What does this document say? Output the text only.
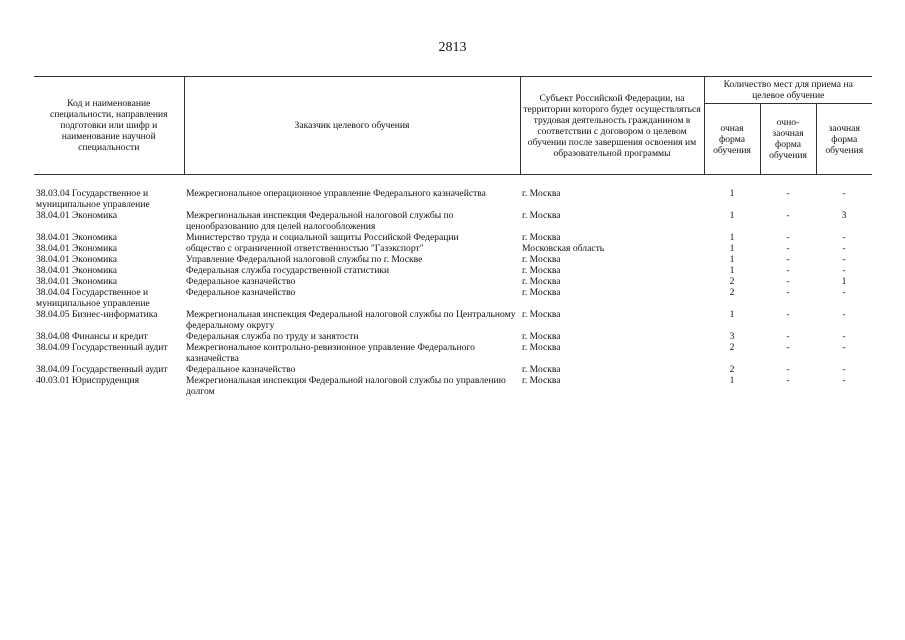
2813
Код и наименование специальности, направления подготовки или шифр и наименование научной специальности	Заказчик целевого обучения	Субъект Российской Федерации, на территории которого будет осуществляться трудовая деятельность гражданином в соответствии с договором о целевом обучении после завершения освоения им образовательной программы	Количество мест для приема на целевое обучение		
			очная форма обучения	очно-заочная форма обучения	заочная форма обучения
38.03.04 Государственное и муниципальное управление	Межрегиональное операционное управление Федерального казначейства	г. Москва	1	-	-
38.04.01 Экономика	Межрегиональная инспекция Федеральной налоговой службы по ценообразованию для целей налогообложения	г. Москва	1	-	3
38.04.01 Экономика	Министерство труда и социальной защиты Российской Федерации	г. Москва	1	-	-
38.04.01 Экономика	общество с ограниченной ответственностью "Газэкспорт"	Московская область	1	-	-
38.04.01 Экономика	Управление Федеральной налоговой службы по г. Москве	г. Москва	1	-	-
38.04.01 Экономика	Федеральная служба государственной статистики	г. Москва	1	-	-
38.04.01 Экономика	Федеральное казначейство	г. Москва	2	-	1
38.04.04 Государственное и муниципальное управление	Федеральное казначейство	г. Москва	2	-	-
38.04.05 Бизнес-информатика	Межрегиональная инспекция Федеральной налоговой службы по Центральному федеральному округу	г. Москва	1	-	-
38.04.08 Финансы и кредит	Федеральная служба по труду и занятости	г. Москва	3	-	-
38.04.09 Государственный аудит	Межрегиональное контрольно-ревизионное управление Федерального казначейства	г. Москва	2	-	-
38.04.09 Государственный аудит	Федеральное казначейство	г. Москва	2	-	-
40.03.01 Юриспруденция	Межрегиональная инспекция Федеральной налоговой службы по управлению долгом	г. Москва	1	-	-
